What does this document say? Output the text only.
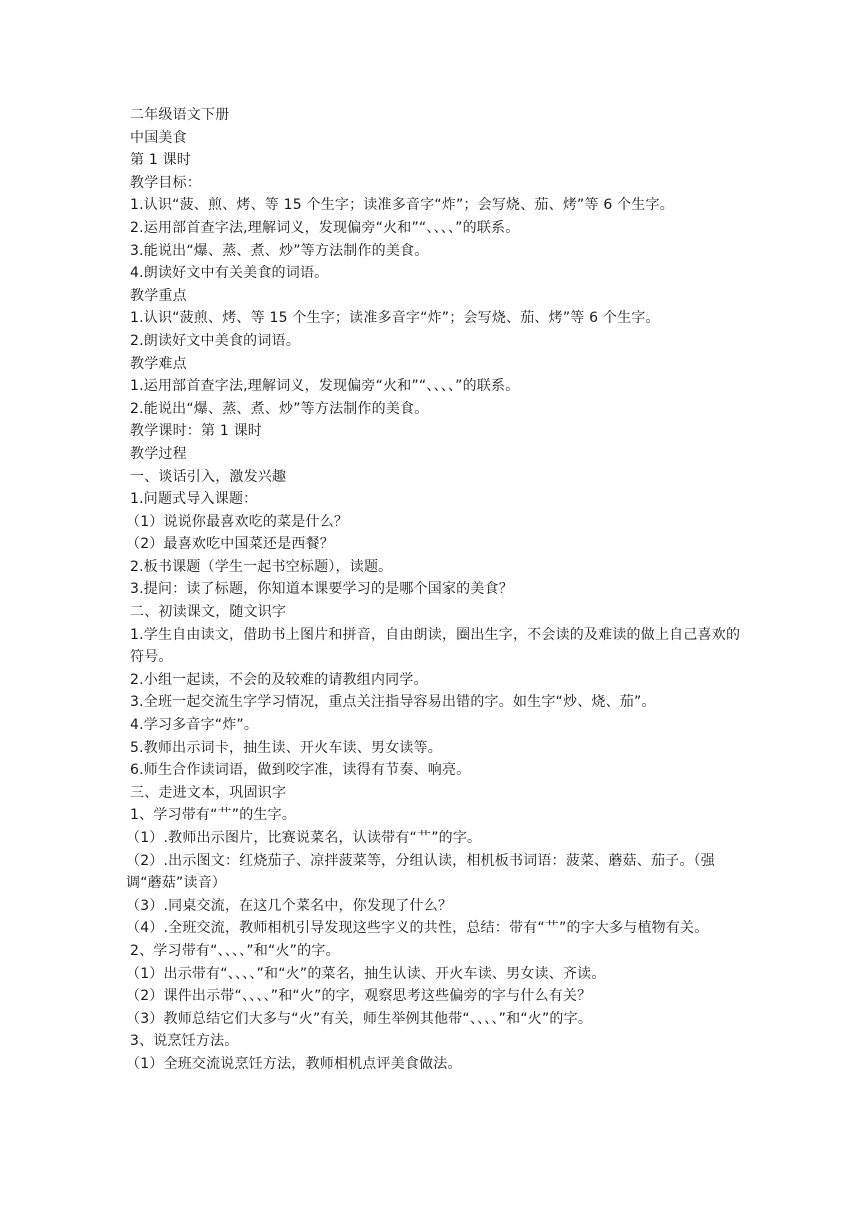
二年级语文下册
中国美食
第 1 课时
教学目标：
1.认识“菠、煎、烤、等 15 个生字；读准多音字“炸”；会写烧、茄、烤”等 6 个生字。
2.运用部首查字法,理解词义，发现偏旁“火和”“、、、、”的联系。
3.能说出“爆、蒸、煮、炒”等方法制作的美食。
4.朗读好文中有关美食的词语。
教学重点
1.认识“菠煎、烤、等 15 个生字；读准多音字“炸”；会写烧、茄、烤”等 6 个生字。
2.朗读好文中美食的词语。
教学难点
1.运用部首查字法,理解词义，发现偏旁“火和”“、、、、”的联系。
2.能说出“爆、蒸、煮、炒”等方法制作的美食。
教学课时：第 1 课时
教学过程
一、谈话引入，激发兴趣
1.问题式导入课题：
（1）说说你最喜欢吃的菜是什么？
（2）最喜欢吃中国菜还是西餐？
2.板书课题（学生一起书空标题），读题。
3.提问：读了标题，你知道本课要学习的是哪个国家的美食？
二、初读课文，随文识字
1.学生自由读文，借助书上图片和拼音，自由朗读，圈出生字，不会读的及难读的做上自己喜欢的符号。
2.小组一起读，不会的及较难的请教组内同学。
3.全班一起交流生字学习情况，重点关注指导容易出错的字。如生字“炒、烧、茄”。
4.学习多音字“炸”。
5.教师出示词卡，抽生读、开火车读、男女读等。
6.师生合作读词语，做到咬字准，读得有节奏、响亮。
三、走进文本，巩固识字
1、学习带有“艹”的生字。
（1）.教师出示图片，比赛说菜名，认读带有“艹”的字。
（2）.出示图文：红烧茄子、凉拌菠菜等，分组认读，相机板书词语：菠菜、蘑菇、茄子。（强调“蘑菇”读音）
（3）.同桌交流，在这几个菜名中，你发现了什么？
（4）.全班交流，教师相机引导发现这些字义的共性，总结：带有“艹”的字大多与植物有关。
2、学习带有“、、、、”和“火”的字。
（1）出示带有“、、、、”和“火”的菜名，抽生认读、开火车读、男女读、齐读。
（2）课件出示带“、、、、”和“火”的字，观察思考这些偏旁的字与什么有关？
（3）教师总结它们大多与“火”有关，师生举例其他带“、、、、”和“火”的字。
3、说烹饪方法。
（1）全班交流说烹饪方法，教师相机点评美食做法。
